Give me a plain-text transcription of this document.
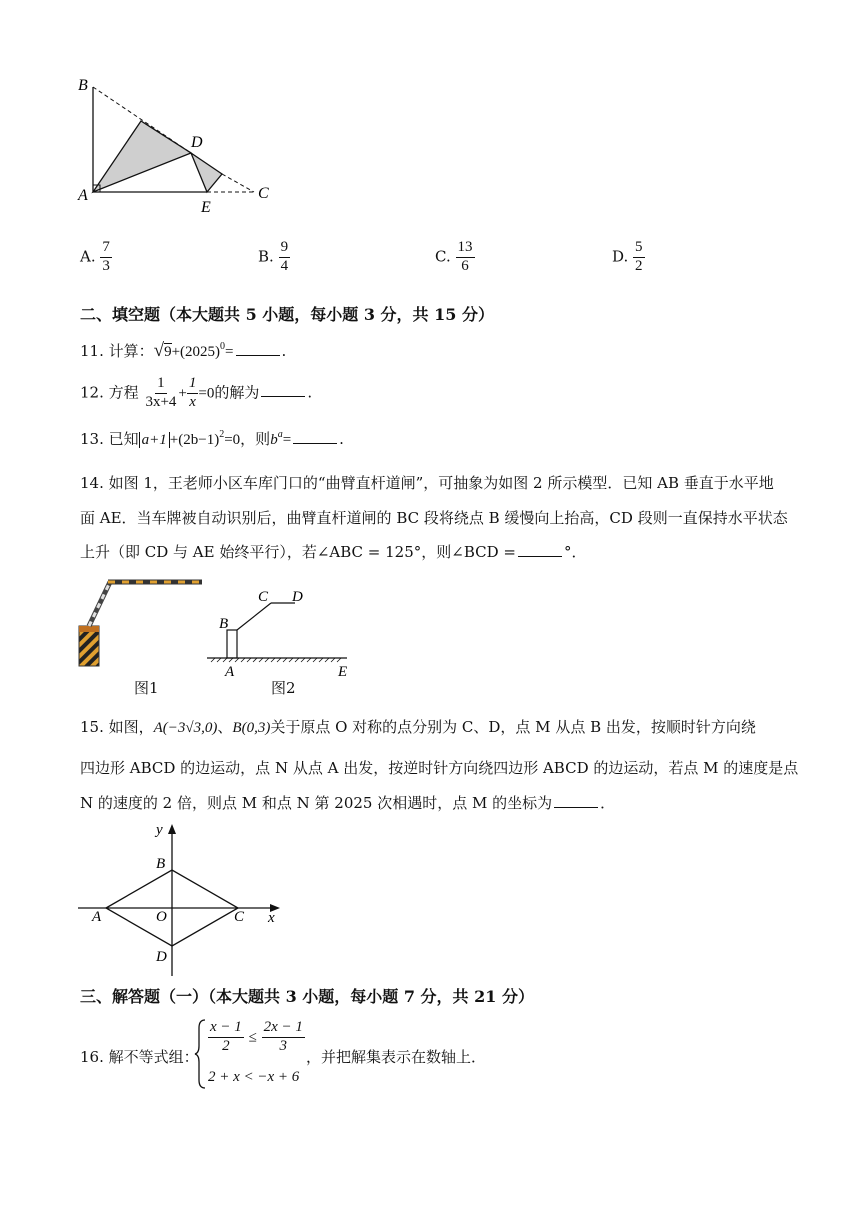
B
D
A
E
C
A. $\frac{7}{3}$	B. $\frac{9}{4}$	C. $\frac{13}{6}$	D. $\frac{5}{2}$
二、填空题（本大题共 5 小题，每小题 3 分，共 15 分）
11. 计算：$√9+(2025)^0=$	.
12. 方程 $\frac{1}{3x+4} + \frac{1}{x} =0$的解为	.
13. 已知 $a+1 +(2b-1)^2=0$，则$b^a=$	.
14. 如图 1，王老师小区车库门口的“曲臂直杆道闸”，可抽象为如图 2 所示模型．已知 AB 垂直于水平地
面 AE．当车牌被自动识别后，曲臂直杆道闸的 BC 段将绕点 B 缓慢向上抬高，CD 段则一直保持水平状态
上升（即 CD 与 AE 始终平行），若∠ABC = 125°，则∠BCD =	°．
图1
B
C D
A	E
图2
15. 如图，A(−3√3,0)、B(0,3)关于原点 O 对称的点分别为 C、D，点 M 从点 B 出发，按顺时针方向绕
四边形 ABCD 的边运动，点 N 从点 A 出发，按逆时针方向绕四边形 ABCD 的边运动，若点 M 的速度是点
N 的速度的 2 倍，则点 M 和点 N 第 2025 次相遇时，点 M 的坐标为	．
y
x
B
A	O	C
D
三、解答题（一）（本大题共 3 小题，每小题 7 分，共 21 分）
16. 解不等式组：
$\frac{x - 1}{2} \le \frac{2x - 1}{3}$
2 + x < −x + 6
，并把解集表示在数轴上．
